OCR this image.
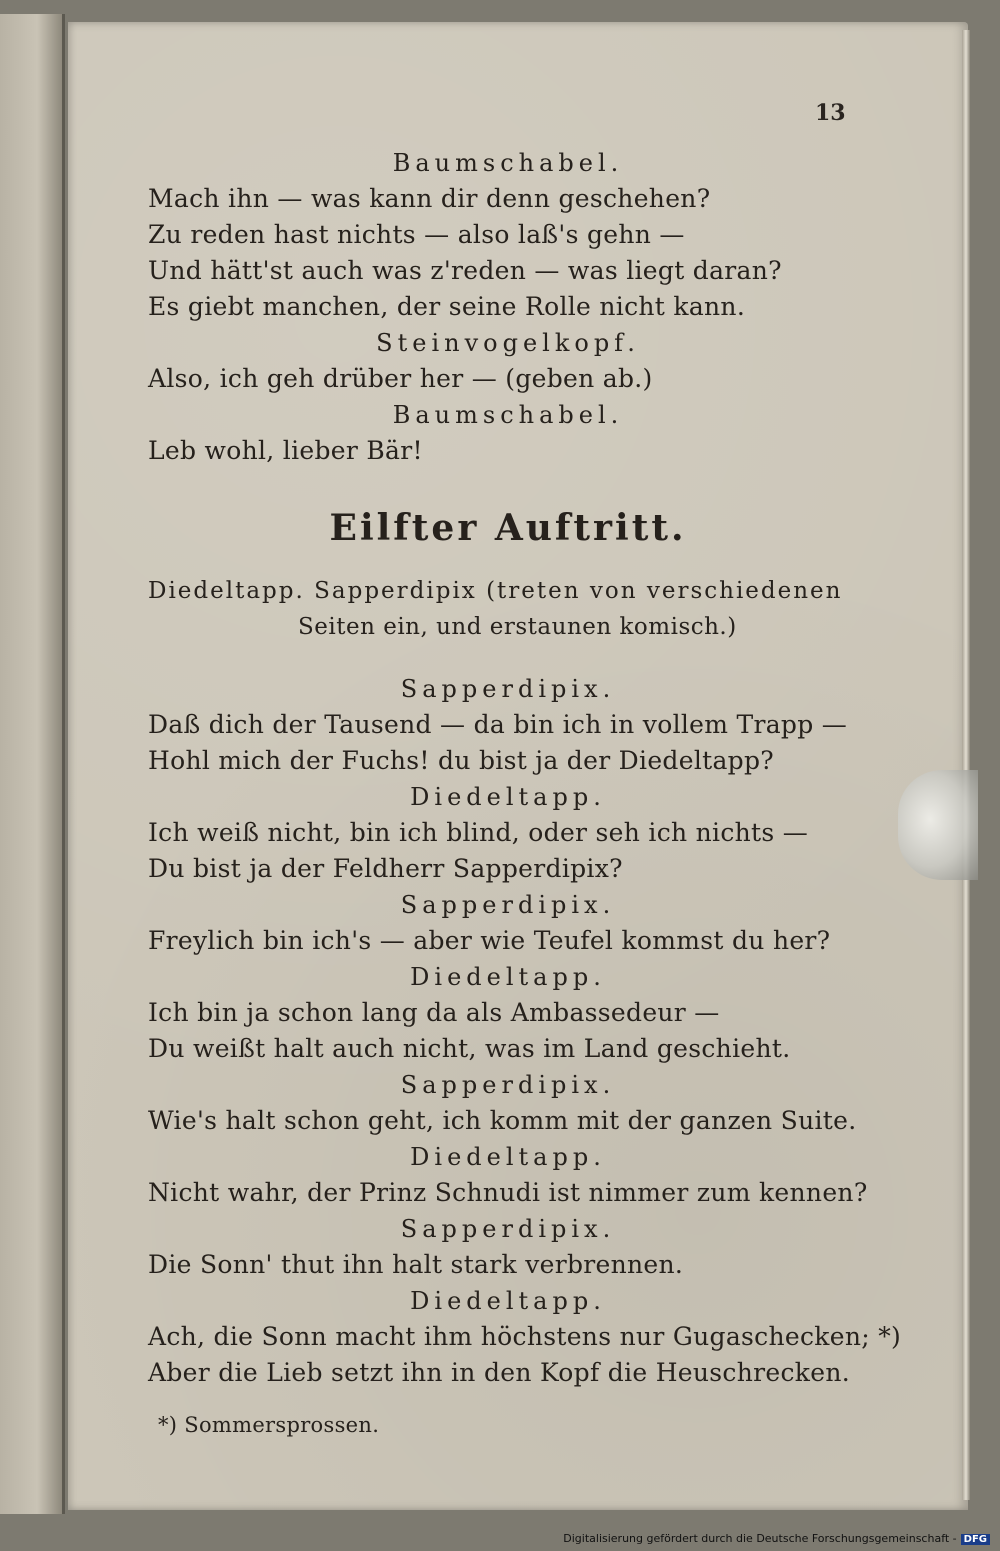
13
Baumschabel.
Mach ihn — was kann dir denn geschehen?
Zu reden hast nichts — also laß's gehn —
Und hätt'st auch was z'reden — was liegt daran?
Es giebt manchen, der seine Rolle nicht kann.
Steinvogelkopf.
Also, ich geh drüber her — (geben ab.)
Baumschabel.
Leb wohl, lieber Bär!
Eilfter Auftritt.
Diedeltapp. Sapperdipix (treten von verschiedenen
Seiten ein, und erstaunen komisch.)
Sapperdipix.
Daß dich der Tausend — da bin ich in vollem Trapp —
Hohl mich der Fuchs! du bist ja der Diedeltapp?
Diedeltapp.
Ich weiß nicht, bin ich blind, oder seh ich nichts —
Du bist ja der Feldherr Sapperdipix?
Sapperdipix.
Freylich bin ich's — aber wie Teufel kommst du her?
Diedeltapp.
Ich bin ja schon lang da als Ambassedeur —
Du weißt halt auch nicht, was im Land geschieht.
Sapperdipix.
Wie's halt schon geht, ich komm mit der ganzen Suite.
Diedeltapp.
Nicht wahr, der Prinz Schnudi ist nimmer zum kennen?
Sapperdipix.
Die Sonn' thut ihn halt stark verbrennen.
Diedeltapp.
Ach, die Sonn macht ihm höchstens nur Gugaschecken; *)
Aber die Lieb setzt ihn in den Kopf die Heuschrecken.
*) Sommersprossen.
Digitalisierung gefördert durch die Deutsche Forschungsgemeinschaft - DFG
